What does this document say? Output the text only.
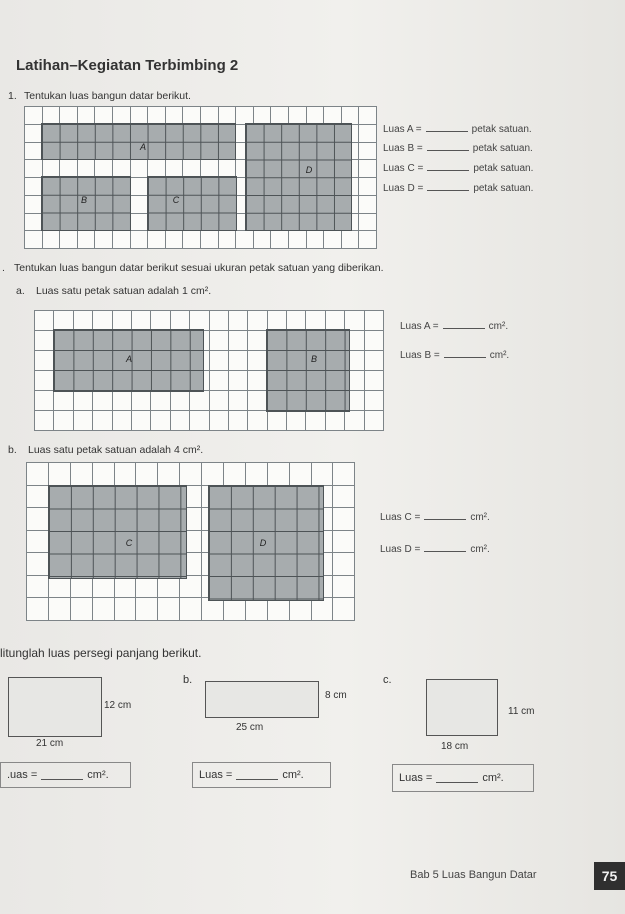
Latihan–Kegiatan Terbimbing 2
1. Tentukan luas bangun datar berikut.
A
B	C
D
Luas A =	petak satuan.
Luas B =	petak satuan.
Luas C =	petak satuan.
Luas D =	petak satuan.
. Tentukan luas bangun datar berikut sesuai ukuran petak satuan yang diberikan.
a. Luas satu petak satuan adalah 1 cm².
A	B
Luas A =	cm².
Luas B =	cm².
b. Luas satu petak satuan adalah 4 cm².
C	D
Luas C =	cm².
Luas D =	cm².
litunglah luas persegi panjang berikut.
12 cm
21 cm
b.
8 cm
25 cm
c.
11 cm
18 cm
.uas =	cm².	Luas =	cm².	Luas =	cm².
Bab 5 Luas Bangun Datar	75
